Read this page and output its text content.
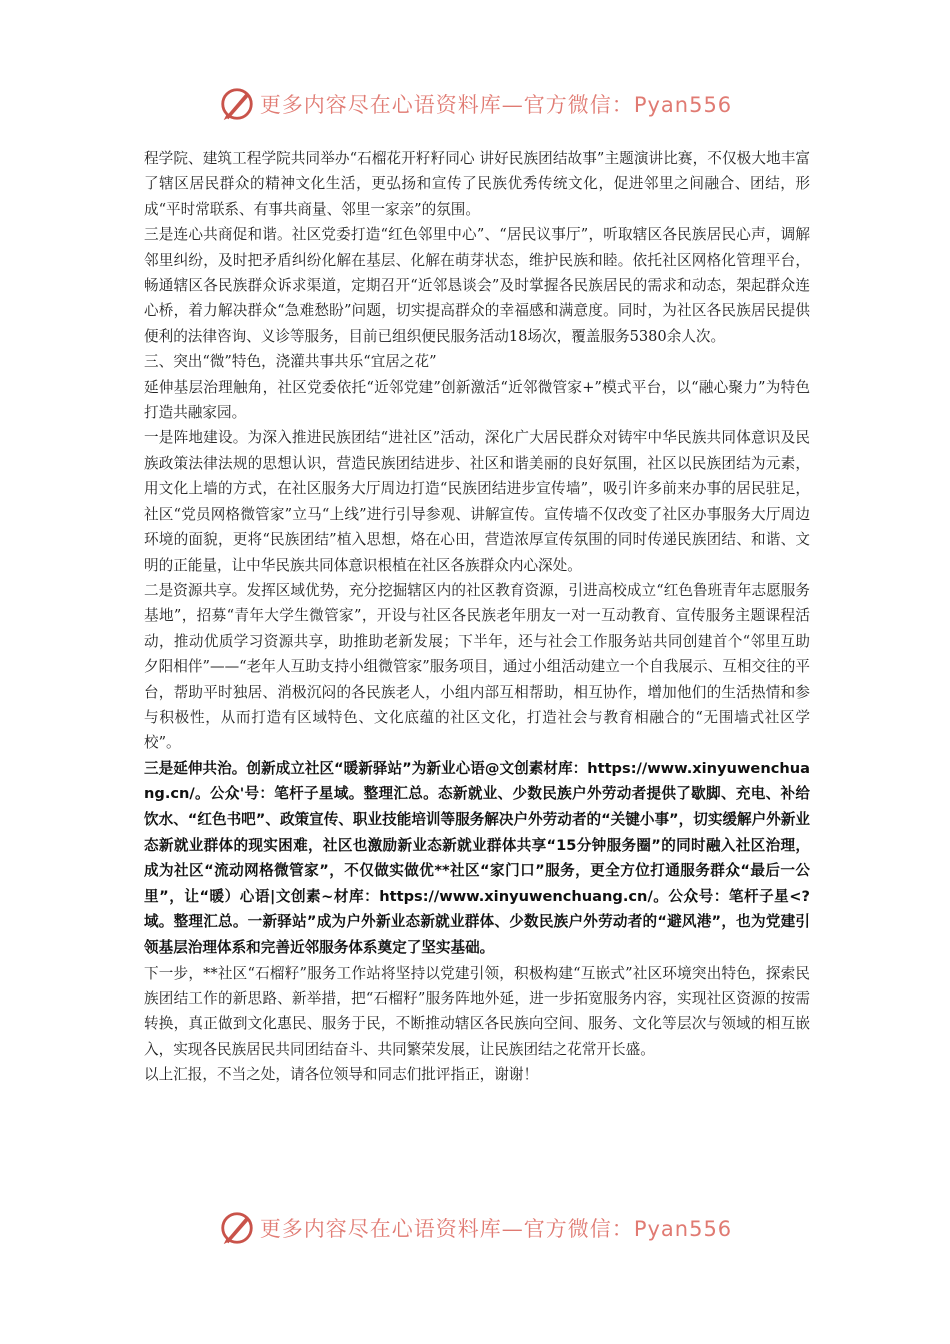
更多内容尽在心语资料库—官方微信：Pyan556

程学院、建筑工程学院共同举办“石榴花开籽籽同心 讲好民族团结故事”主题演讲比赛，不仅极大地丰富了辖区居民群众的精神文化生活，更弘扬和宣传了民族优秀传统文化，促进邻里之间融合、团结，形成“平时常联系、有事共商量、邻里一家亲”的氛围。

三是连心共商促和谐。社区党委打造“红色邻里中心”、“居民议事厅”，听取辖区各民族居民心声，调解邻里纠纷，及时把矛盾纠纷化解在基层、化解在萌芽状态，维护民族和睦。依托社区网格化管理平台，畅通辖区各民族群众诉求渠道，定期召开“近邻恳谈会”及时掌握各民族居民的需求和动态，架起群众连心桥，着力解决群众“急难愁盼”问题，切实提高群众的幸福感和满意度。同时，为社区各民族居民提供便利的法律咨询、义诊等服务，目前已组织便民服务活动18场次，覆盖服务5380余人次。

三、突出“微”特色，浇灌共事共乐“宜居之花”

延伸基层治理触角，社区党委依托“近邻党建”创新激活“近邻微管家+”模式平台，以“融心聚力”为特色打造共融家园。

一是阵地建设。为深入推进民族团结“进社区”活动，深化广大居民群众对铸牢中华民族共同体意识及民族政策法律法规的思想认识，营造民族团结进步、社区和谐美丽的良好氛围，社区以民族团结为元素，用文化上墙的方式，在社区服务大厅周边打造“民族团结进步宣传墙”，吸引许多前来办事的居民驻足，社区“党员网格微管家”立马“上线”进行引导参观、讲解宣传。宣传墙不仅改变了社区办事服务大厅周边环境的面貌，更将“民族团结”植入思想，烙在心田，营造浓厚宣传氛围的同时传递民族团结、和谐、文明的正能量，让中华民族共同体意识根植在社区各族群众内心深处。

二是资源共享。发挥区域优势，充分挖掘辖区内的社区教育资源，引进高校成立“红色鲁班青年志愿服务基地”，招募“青年大学生微管家”，开设与社区各民族老年朋友一对一互动教育、宣传服务主题课程活动，推动优质学习资源共享，助推助老新发展；下半年，还与社会工作服务站共同创建首个“邻里互助 夕阳相伴”——“老年人互助支持小组微管家”服务项目，通过小组活动建立一个自我展示、互相交往的平台，帮助平时独居、消极沉闷的各民族老人，小组内部互相帮助，相互协作，增加他们的生活热情和参与积极性，从而打造有区域特色、文化底蕴的社区文化，打造社会与教育相融合的“无围墙式社区学校”。

三是延伸共治。创新成立社区“暖新驿站”为新业心语@文创素材库：https://www.xinyuwenchuang.cn/。公众'号：笔杆子星域。整理汇总。态新就业、少数民族户外劳动者提供了歇脚、充电、补给饮水、“红色书吧”、政策宣传、职业技能培训等服务解决户外劳动者的“关键小事”，切实缓解户外新业态新就业群体的现实困难，社区也激励新业态新就业群体共享“15分钟服务圈”的同时融入社区治理，成为社区“流动网格微管家”，不仅做实做优**社区“家门口”服务，更全方位打通服务群众“最后一公里”，让“暖）心语|文创素~材库：https://www.xinyuwenchuang.cn/。公众号：笔杆子星<?域。整理汇总。一新驿站”成为户外新业态新就业群体、少数民族户外劳动者的“避风港”，也为党建引领基层治理体系和完善近邻服务体系奠定了坚实基础。

下一步，**社区“石榴籽”服务工作站将坚持以党建引领，积极构建“互嵌式”社区环境突出特色，探索民族团结工作的新思路、新举措，把“石榴籽”服务阵地外延，进一步拓宽服务内容，实现社区资源的按需转换，真正做到文化惠民、服务于民，不断推动辖区各民族向空间、服务、文化等层次与领域的相互嵌入，实现各民族居民共同团结奋斗、共同繁荣发展，让民族团结之花常开长盛。

以上汇报，不当之处，请各位领导和同志们批评指正，谢谢！

更多内容尽在心语资料库—官方微信：Pyan556
